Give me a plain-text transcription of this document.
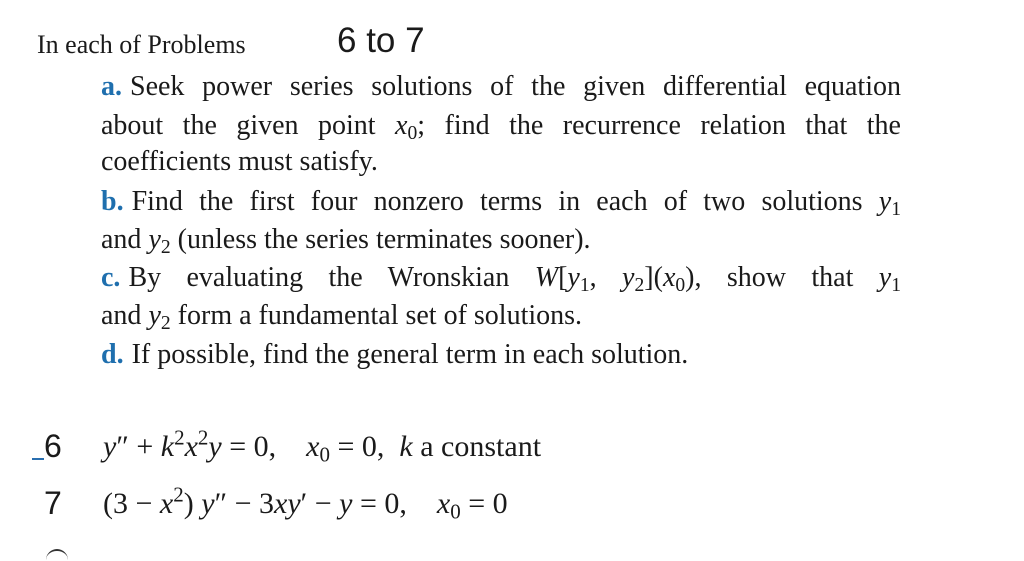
In each of Problems	6 to 7
a. Seek power series solutions of the given differential equation
about the given point $x_0$; find the recurrence relation that the
coefficients must satisfy.
b. Find the first four nonzero terms in each of two solutions $y_1$
and $y_2$ (unless the series terminates sooner).
c. By evaluating the Wronskian $W[y_1$, $y_2](x_0)$, show that $y_1$
and $y_2$ form a fundamental set of solutions.
d. If possible, find the general term in each solution.
6 $y'' + k^2x^2y = 0$,    $x_0 = 0$,  k a constant
7 $(3 - x^2)$ y″ − 3xy′ − y = 0,    $x_0 = 0$
